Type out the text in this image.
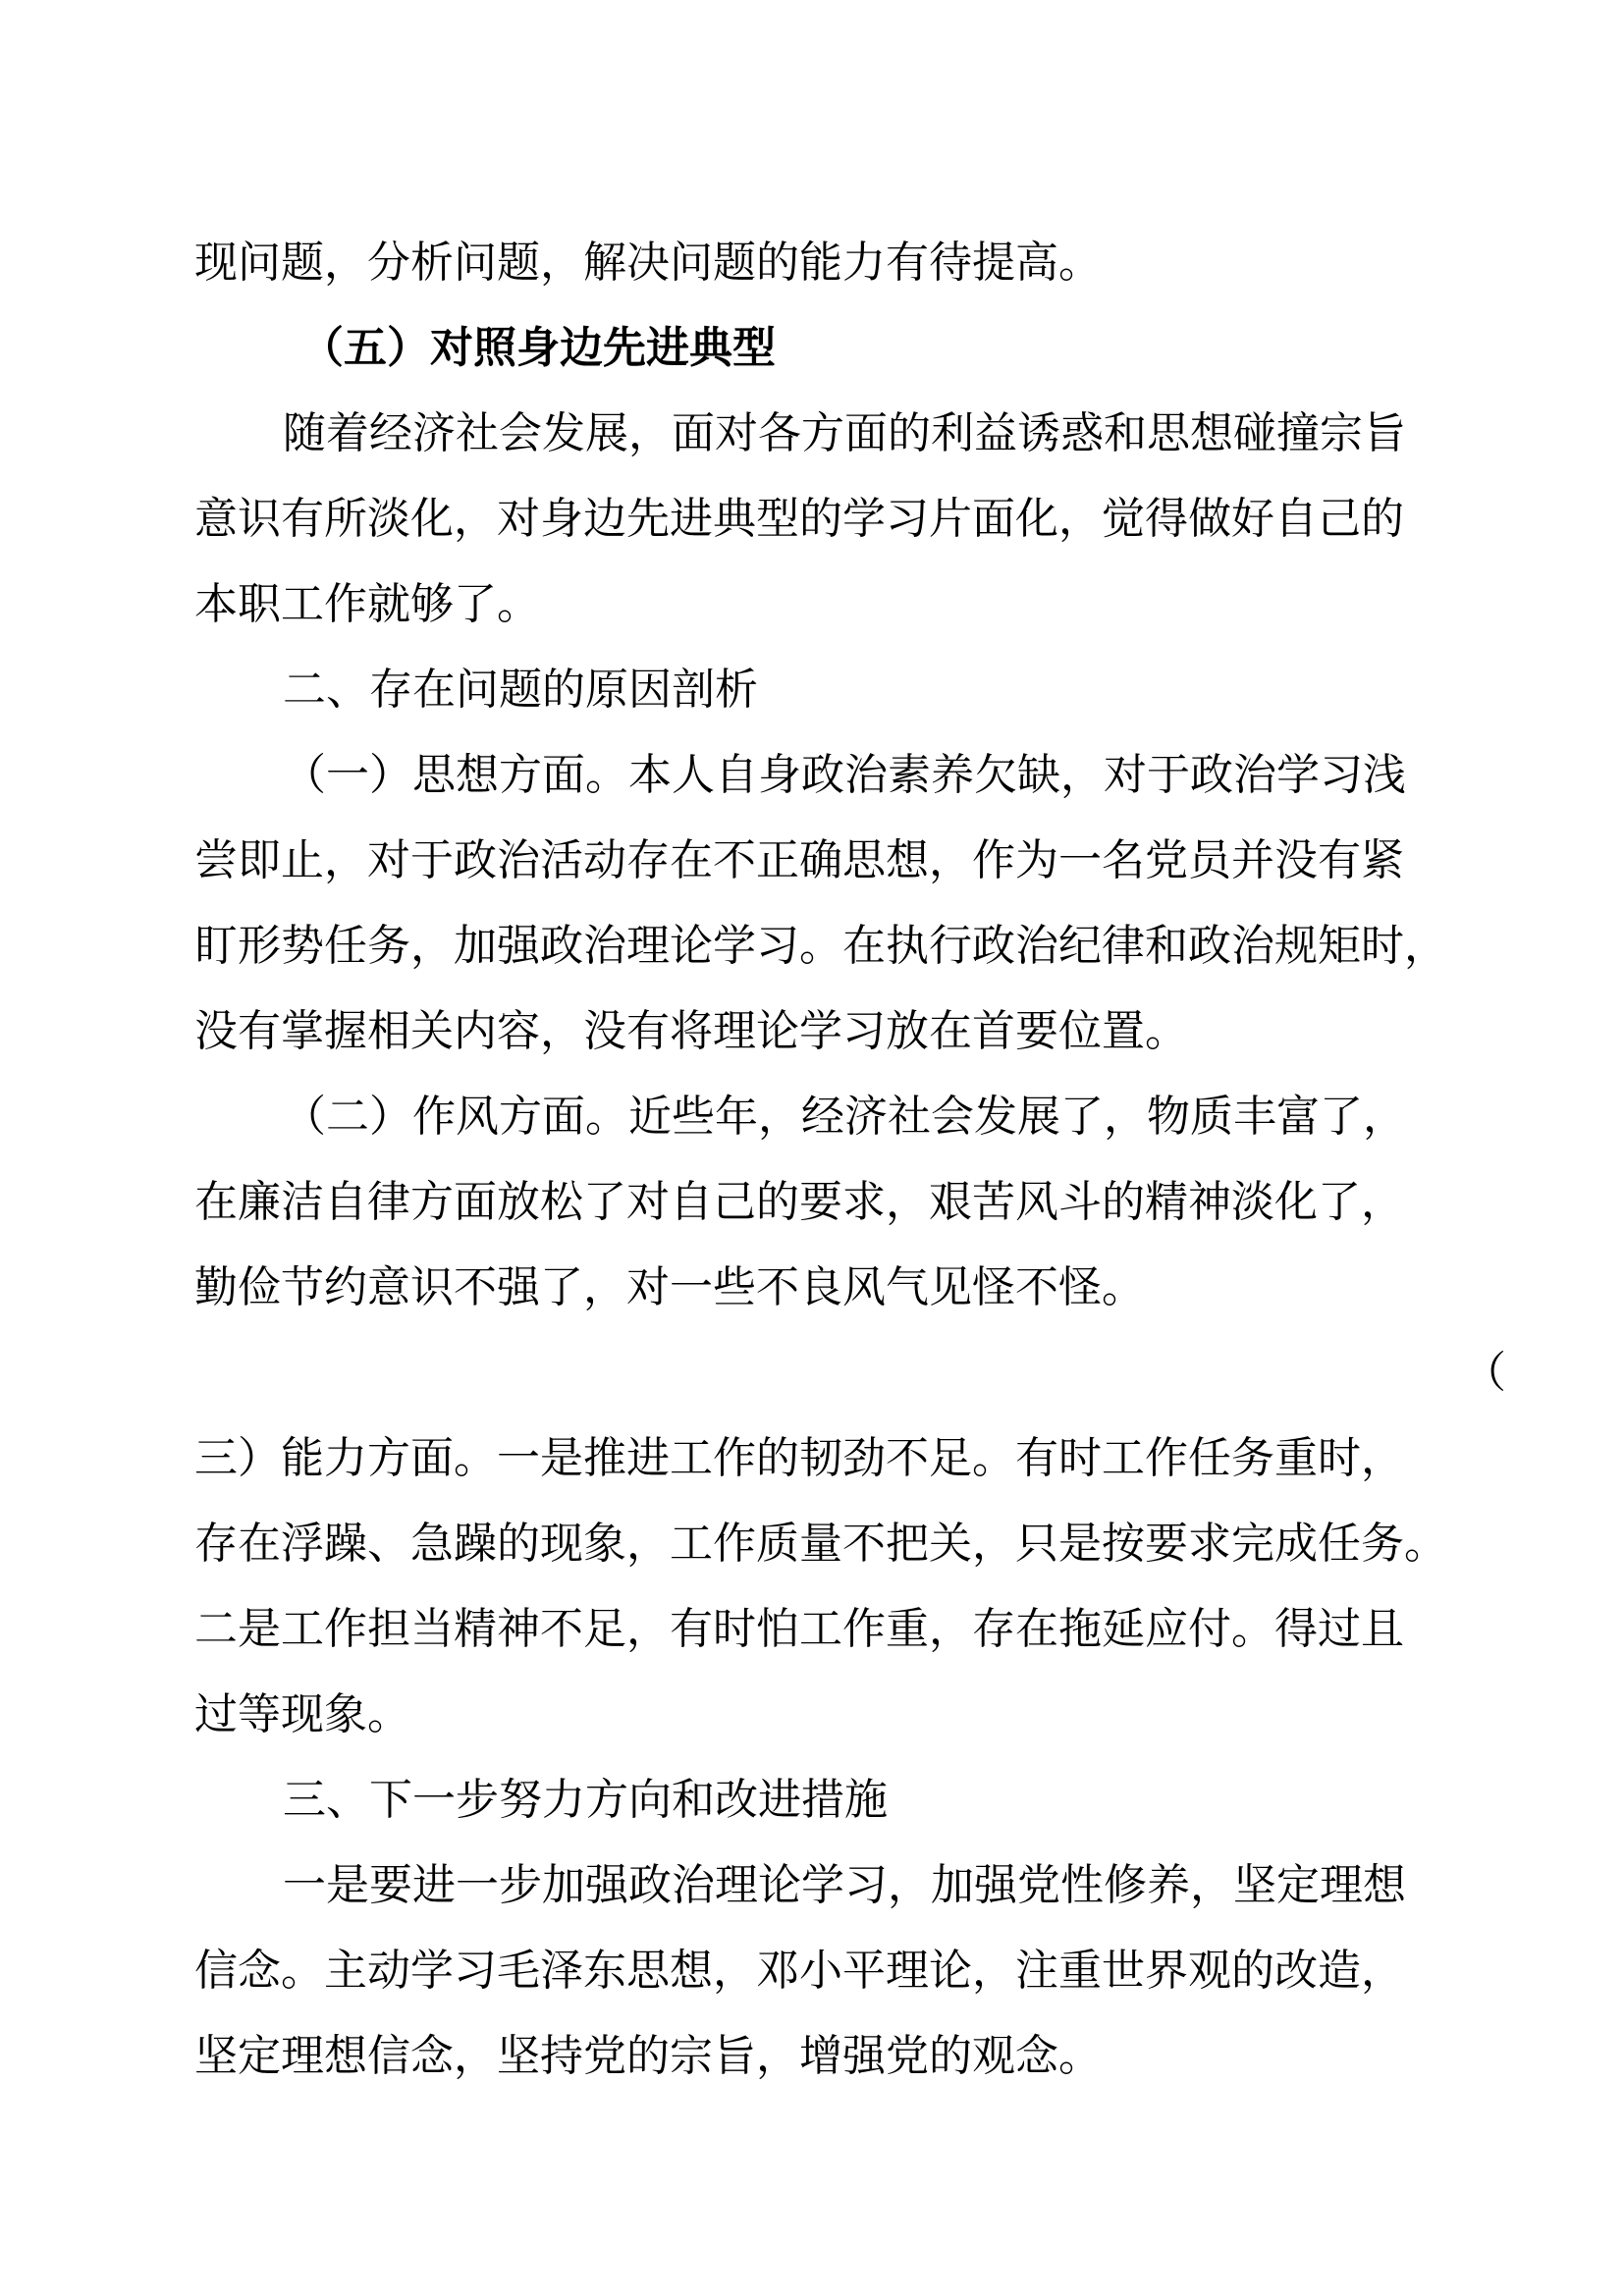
现问题，分析问题，解决问题的能力有待提高。
（五）对照身边先进典型
随着经济社会发展，面对各方面的利益诱惑和思想碰撞宗旨
意识有所淡化，对身边先进典型的学习片面化，觉得做好自己的
本职工作就够了。
二、存在问题的原因剖析
（一）思想方面。本人自身政治素养欠缺，对于政治学习浅
尝即止，对于政治活动存在不正确思想，作为一名党员并没有紧
盯形势任务，加强政治理论学习。在执行政治纪律和政治规矩时，
没有掌握相关内容，没有将理论学习放在首要位置。
（二）作风方面。近些年，经济社会发展了，物质丰富了，
在廉洁自律方面放松了对自己的要求，艰苦风斗的精神淡化了，
勤俭节约意识不强了，对一些不良风气见怪不怪。
（
三）能力方面。一是推进工作的韧劲不足。有时工作任务重时，
存在浮躁、急躁的现象，工作质量不把关，只是按要求完成任务。
二是工作担当精神不足，有时怕工作重，存在拖延应付。得过且
过等现象。
三、下一步努力方向和改进措施
一是要进一步加强政治理论学习，加强党性修养，坚定理想
信念。主动学习毛泽东思想，邓小平理论，注重世界观的改造，
坚定理想信念，坚持党的宗旨，增强党的观念。
